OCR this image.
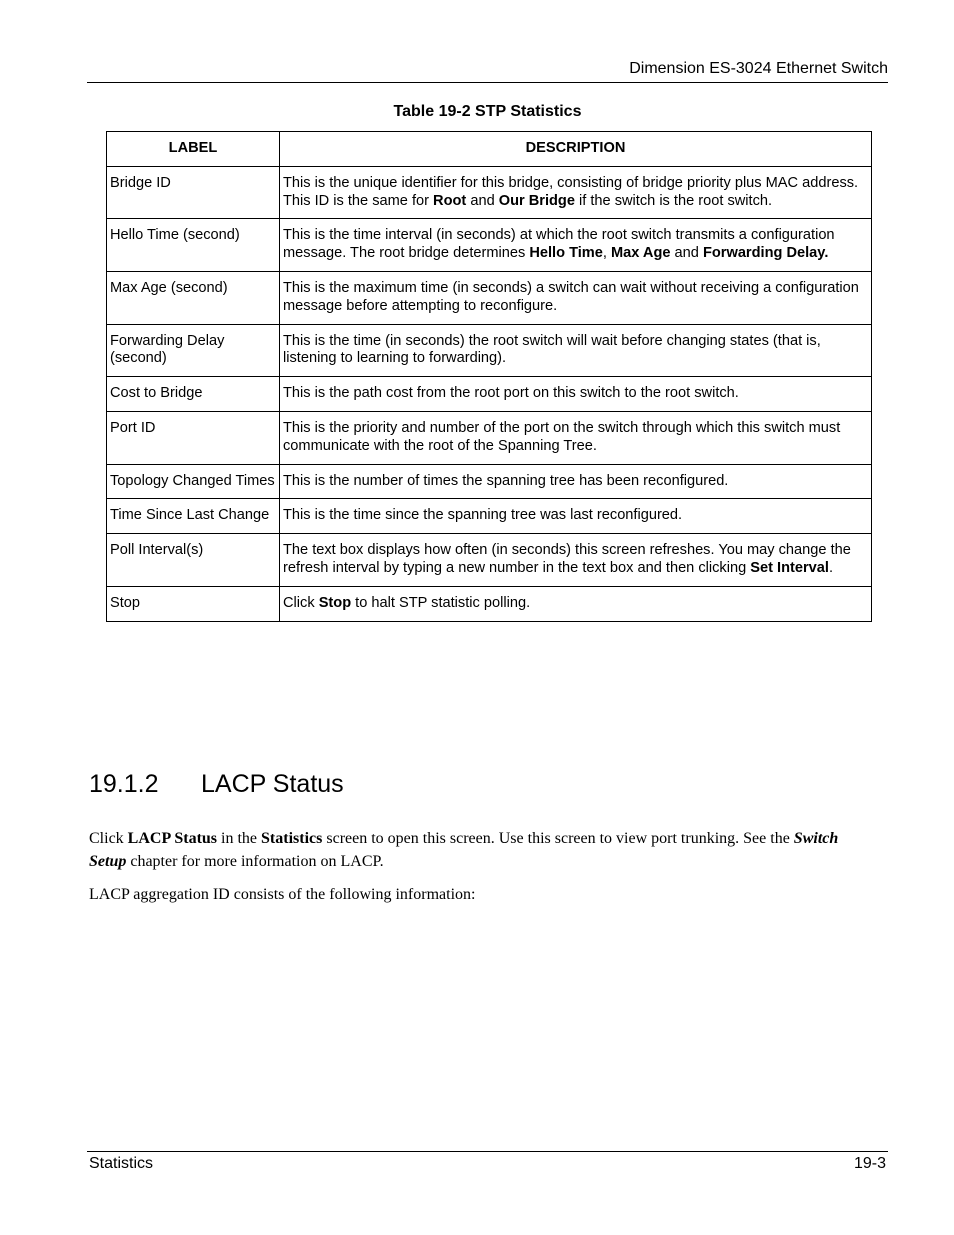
Dimension ES-3024 Ethernet Switch
Table 19-2 STP Statistics
LABEL	DESCRIPTION
Bridge ID	This is the unique identifier for this bridge, consisting of bridge priority plus MAC address. This ID is the same for Root and Our Bridge if the switch is the root switch.
Hello Time (second)	This is the time interval (in seconds) at which the root switch transmits a configuration message. The root bridge determines Hello Time, Max Age and Forwarding Delay.
Max Age (second)	This is the maximum time (in seconds) a switch can wait without receiving a configuration message before attempting to reconfigure.
Forwarding Delay (second)	This is the time (in seconds) the root switch will wait before changing states (that is, listening to learning to forwarding).
Cost to Bridge	This is the path cost from the root port on this switch to the root switch.
Port ID	This is the priority and number of the port on the switch through which this switch must communicate with the root of the Spanning Tree.
Topology Changed Times	This is the number of times the spanning tree has been reconfigured.
Time Since Last Change	This is the time since the spanning tree was last reconfigured.
Poll Interval(s)	The text box displays how often (in seconds) this screen refreshes. You may change the refresh interval by typing a new number in the text box and then clicking Set Interval.
Stop	Click Stop to halt STP statistic polling.
19.1.2 LACP Status

Click LACP Status in the Statistics screen to open this screen. Use this screen to view port trunking. See the Switch Setup chapter for more information on LACP.

LACP aggregation ID consists of the following information:

Statistics	19-3
